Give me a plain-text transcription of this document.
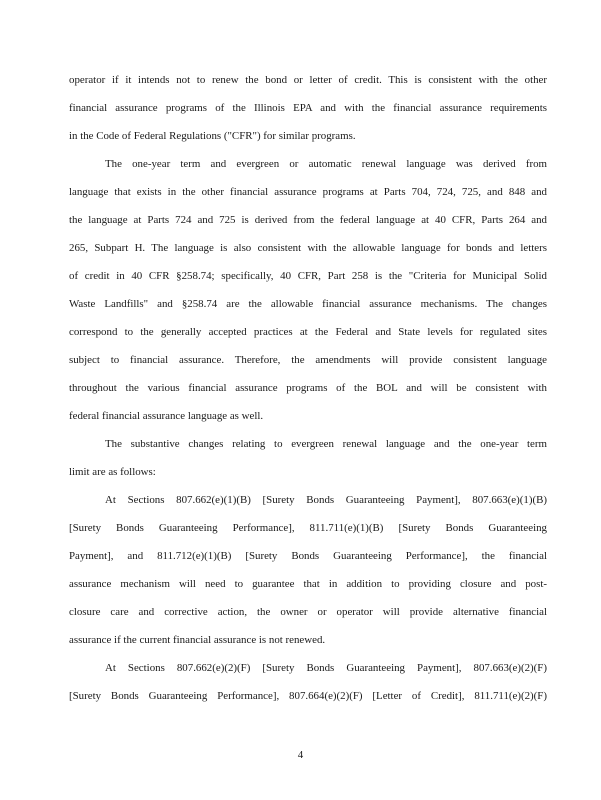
operator if it intends not to renew the bond or letter of credit. This is consistent with the other
financial assurance programs of the Illinois EPA and with the financial assurance requirements
in the Code of Federal Regulations ("CFR") for similar programs.
The one-year term and evergreen or automatic renewal language was derived from
language that exists in the other financial assurance programs at Parts 704, 724, 725, and 848 and
the language at Parts 724 and 725 is derived from the federal language at 40 CFR, Parts 264 and
265, Subpart H. The language is also consistent with the allowable language for bonds and letters
of credit in 40 CFR §258.74; specifically, 40 CFR, Part 258 is the "Criteria for Municipal Solid
Waste Landfills" and §258.74 are the allowable financial assurance mechanisms. The changes
correspond to the generally accepted practices at the Federal and State levels for regulated sites
subject to financial assurance. Therefore, the amendments will provide consistent language
throughout the various financial assurance programs of the BOL and will be consistent with
federal financial assurance language as well.
The substantive changes relating to evergreen renewal language and the one-year term
limit are as follows:
At Sections 807.662(e)(1)(B) [Surety Bonds Guaranteeing Payment], 807.663(e)(1)(B)
[Surety Bonds Guaranteeing Performance], 811.711(e)(1)(B) [Surety Bonds Guaranteeing
Payment], and 811.712(e)(1)(B) [Surety Bonds Guaranteeing Performance], the financial
assurance mechanism will need to guarantee that in addition to providing closure and post-
closure care and corrective action, the owner or operator will provide alternative financial
assurance if the current financial assurance is not renewed.
At Sections 807.662(e)(2)(F) [Surety Bonds Guaranteeing Payment], 807.663(e)(2)(F)
[Surety Bonds Guaranteeing Performance], 807.664(e)(2)(F) [Letter of Credit], 811.711(e)(2)(F)
4
